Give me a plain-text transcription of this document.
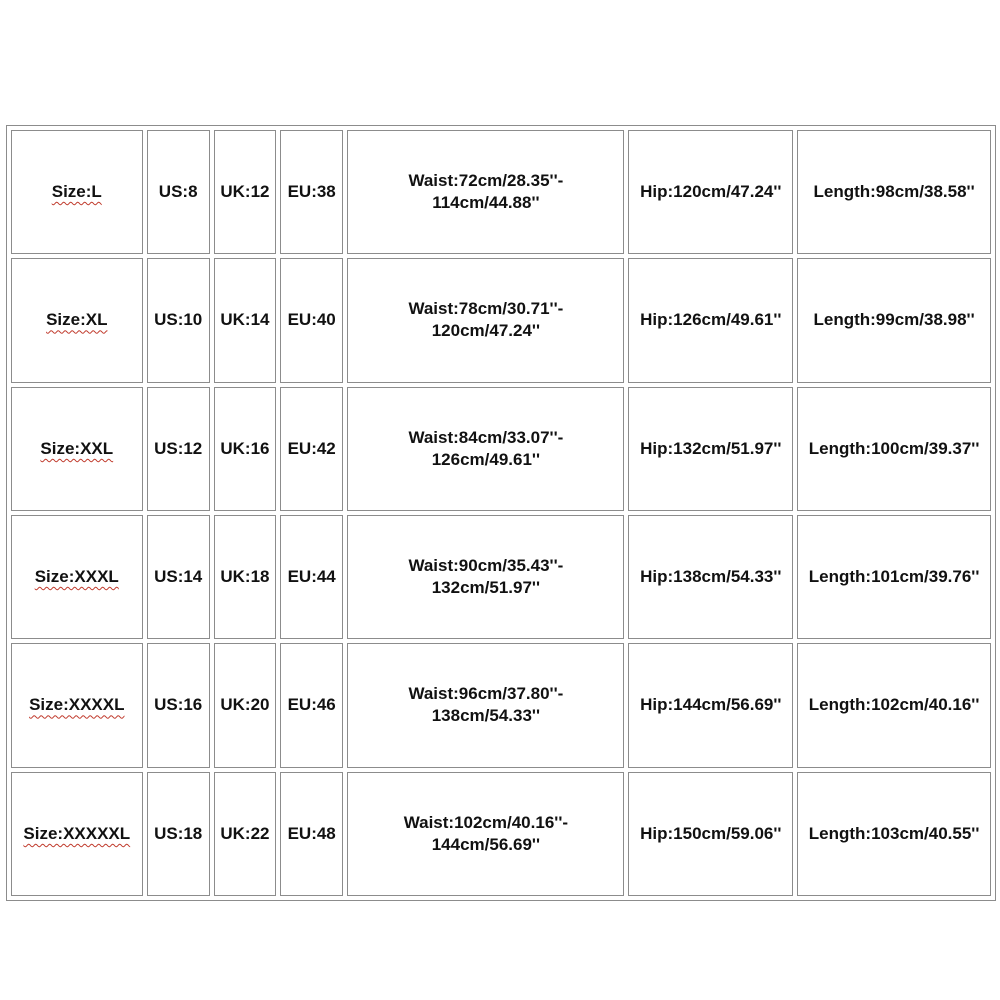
Size:L	US:8	UK:12	EU:38	Waist:72cm/28.35''-
114cm/44.88''	Hip:120cm/47.24''	Length:98cm/38.58''
Size:XL	US:10	UK:14	EU:40	Waist:78cm/30.71''-
120cm/47.24''	Hip:126cm/49.61''	Length:99cm/38.98''
Size:XXL	US:12	UK:16	EU:42	Waist:84cm/33.07''-
126cm/49.61''	Hip:132cm/51.97''	Length:100cm/39.37''
Size:XXXL	US:14	UK:18	EU:44	Waist:90cm/35.43''-
132cm/51.97''	Hip:138cm/54.33''	Length:101cm/39.76''
Size:XXXXL	US:16	UK:20	EU:46	Waist:96cm/37.80''-
138cm/54.33''	Hip:144cm/56.69''	Length:102cm/40.16''
Size:XXXXXL	US:18	UK:22	EU:48	Waist:102cm/40.16''-
144cm/56.69''	Hip:150cm/59.06''	Length:103cm/40.55''
